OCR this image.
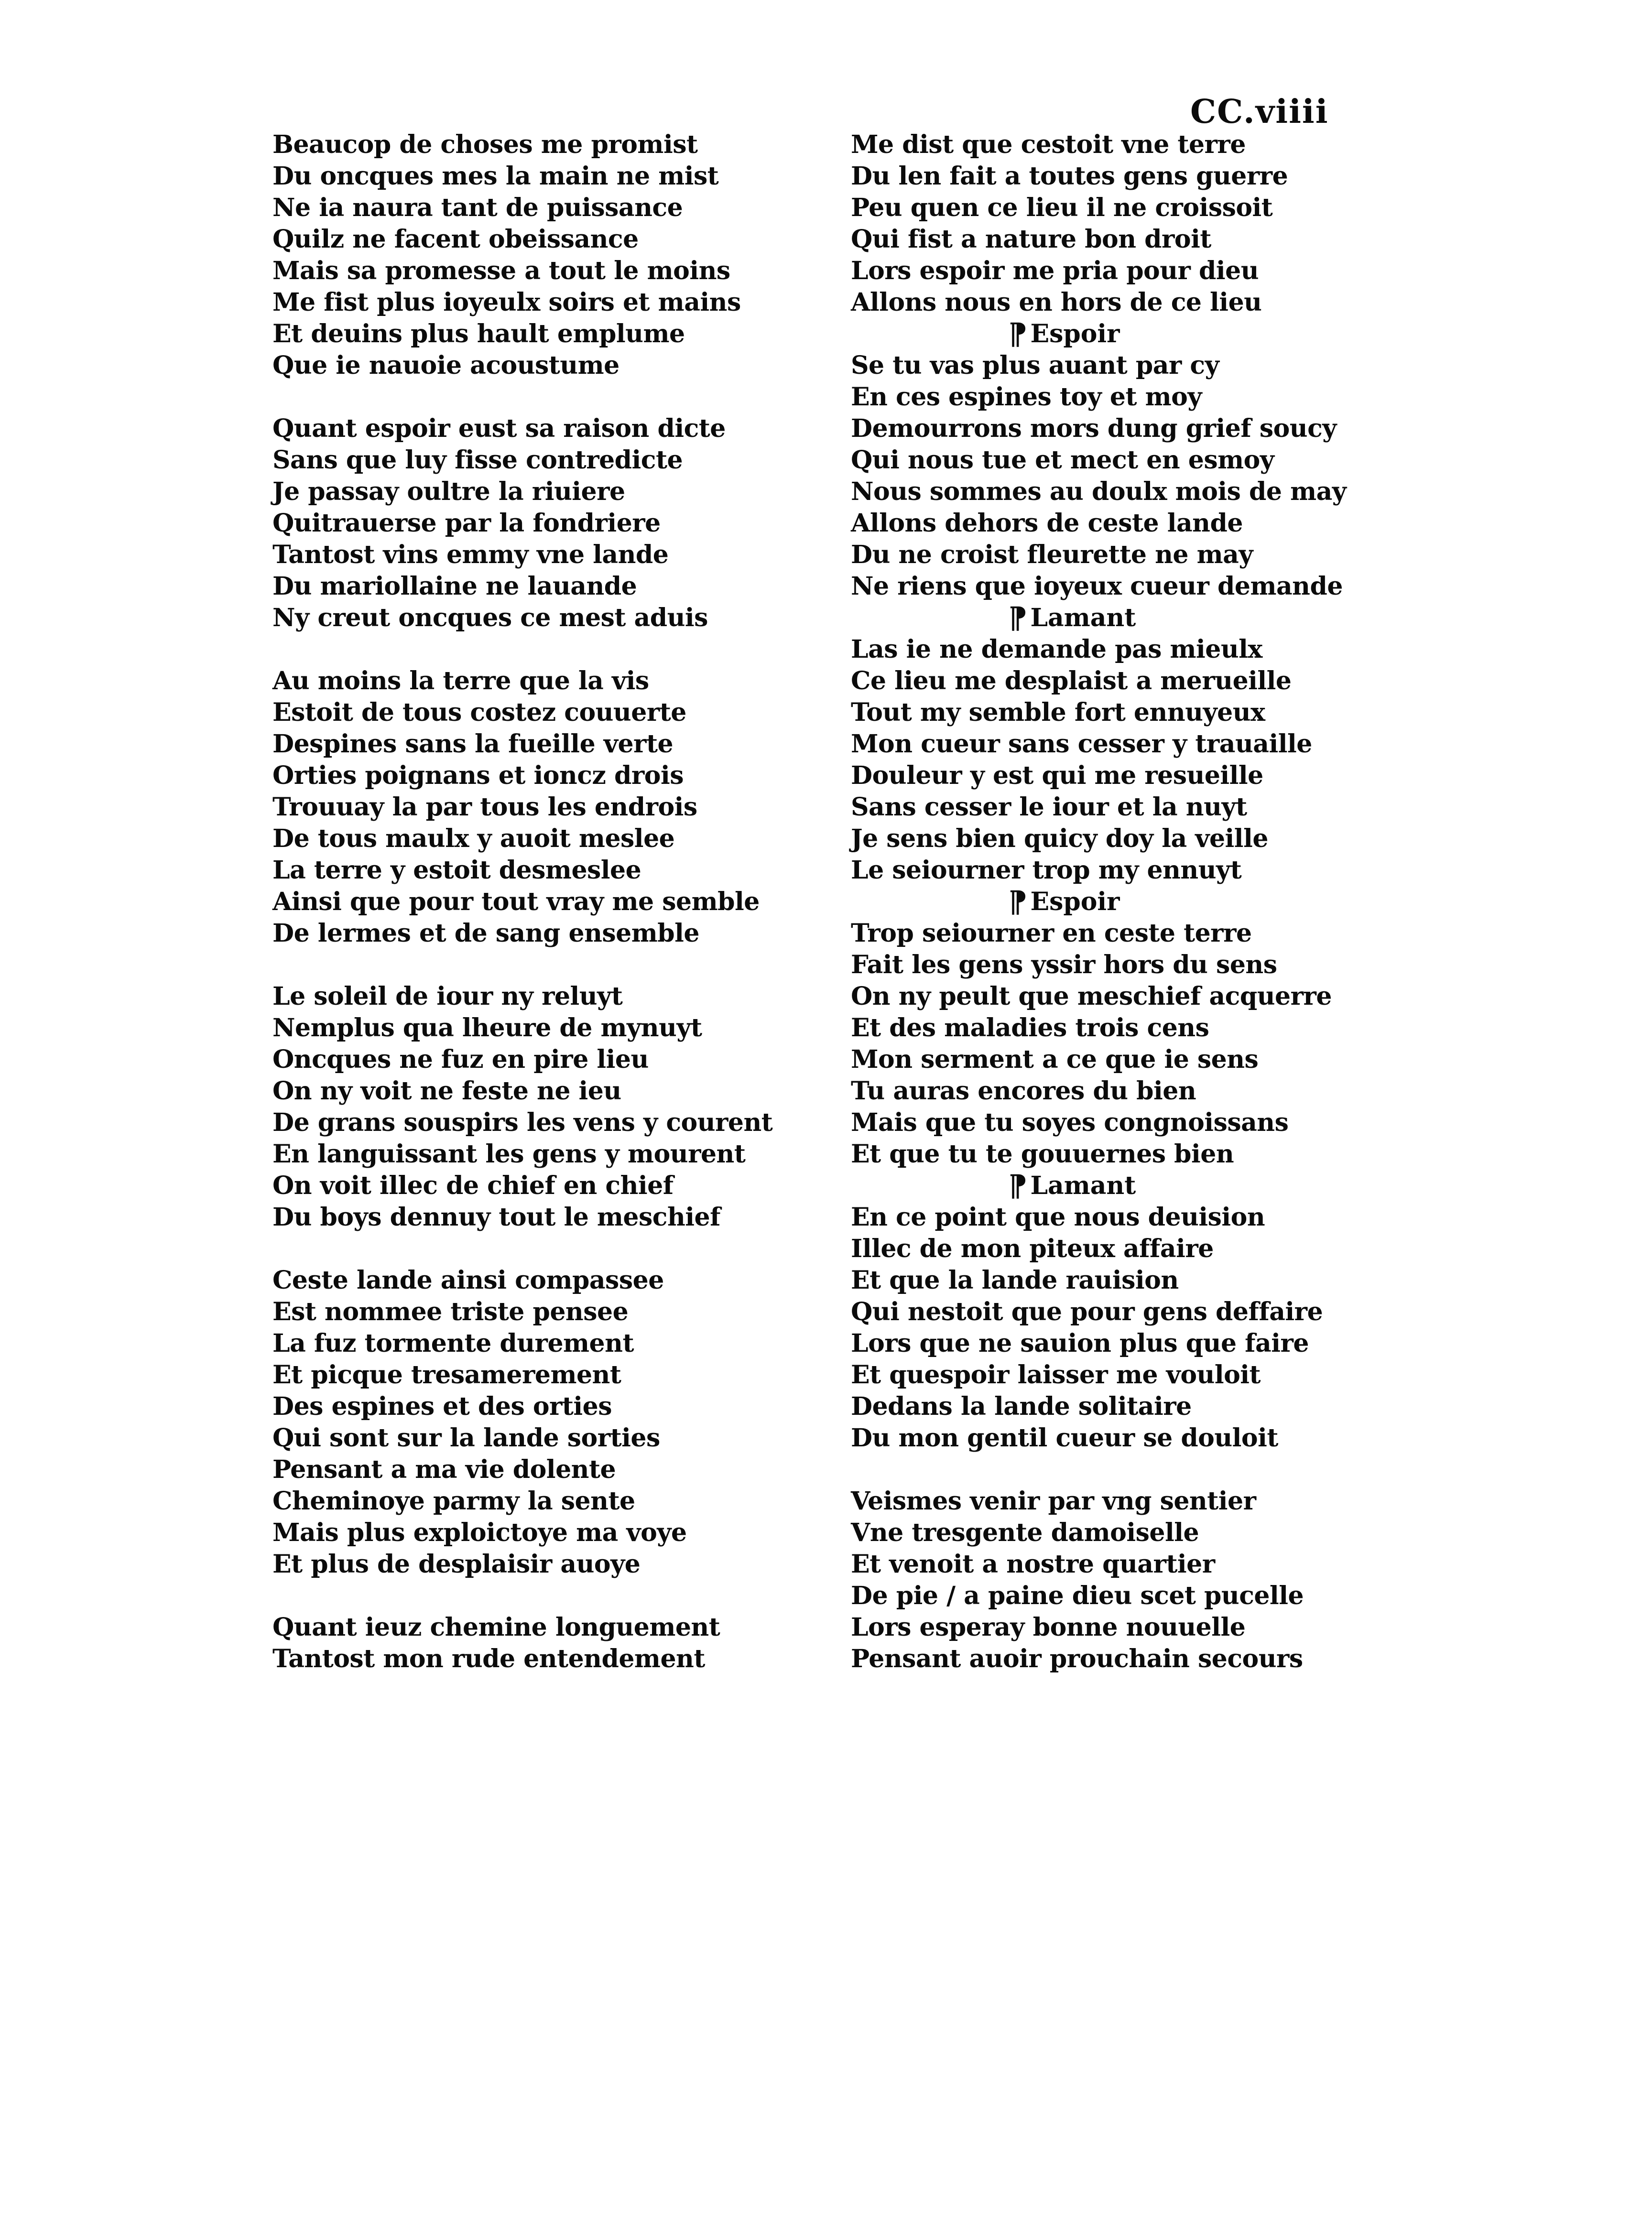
CC.viiii
Beaucop de choses me promist
Du oncques mes la main ne mist
Ne ia naura tant de puissance
Quilz ne facent obeissance
Mais sa promesse a tout le moins
Me fist plus ioyeulx soirs et mains
Et deuins plus hault emplume
Que ie nauoie acoustume
Quant espoir eust sa raison dicte
Sans que luy fisse contredicte
Je passay oultre la riuiere
Quitrauerse par la fondriere
Tantost vins emmy vne lande
Du mariollaine ne lauande
Ny creut oncques ce mest aduis
Au moins la terre que la vis
Estoit de tous costez couuerte
Despines sans la fueille verte
Orties poignans et ioncz drois
Trouuay la par tous les endrois
De tous maulx y auoit meslee
La terre y estoit desmeslee
Ainsi que pour tout vray me semble
De lermes et de sang ensemble
Le soleil de iour ny reluyt
Nemplus qua lheure de mynuyt
Oncques ne fuz en pire lieu
On ny voit ne feste ne ieu
De grans souspirs les vens y courent
En languissant les gens y mourent
On voit illec de chief en chief
Du boys dennuy tout le meschief
Ceste lande ainsi compassee
Est nommee triste pensee
La fuz tormente durement
Et picque tresamerement
Des espines et des orties
Qui sont sur la lande sorties
Pensant a ma vie dolente
Cheminoye parmy la sente
Mais plus exploictoye ma voye
Et plus de desplaisir auoye
Quant ieuz chemine longuement
Tantost mon rude entendement
Me dist que cestoit vne terre
Du len fait a toutes gens guerre
Peu quen ce lieu il ne croissoit
Qui fist a nature bon droit
Lors espoir me pria pour dieu
Allons nous en hors de ce lieu
¶ Espoir
Se tu vas plus auant par cy
En ces espines toy et moy
Demourrons mors dung grief soucy
Qui nous tue et mect en esmoy
Nous sommes au doulx mois de may
Allons dehors de ceste lande
Du ne croist fleurette ne may
Ne riens que ioyeux cueur demande
¶ Lamant
Las ie ne demande pas mieulx
Ce lieu me desplaist a merueille
Tout my semble fort ennuyeux
Mon cueur sans cesser y trauaille
Douleur y est qui me resueille
Sans cesser le iour et la nuyt
Je sens bien quicy doy la veille
Le seiourner trop my ennuyt
¶ Espoir
Trop seiourner en ceste terre
Fait les gens yssir hors du sens
On ny peult que meschief acquerre
Et des maladies trois cens
Mon serment a ce que ie sens
Tu auras encores du bien
Mais que tu soyes congnoissans
Et que tu te gouuernes bien
¶ Lamant
En ce point que nous deuision
Illec de mon piteux affaire
Et que la lande rauision
Qui nestoit que pour gens deffaire
Lors que ne sauion plus que faire
Et quespoir laisser me vouloit
Dedans la lande solitaire
Du mon gentil cueur se douloit
Veismes venir par vng sentier
Vne tresgente damoiselle
Et venoit a nostre quartier
De pie / a paine dieu scet pucelle
Lors esperay bonne nouuelle
Pensant auoir prouchain secours
